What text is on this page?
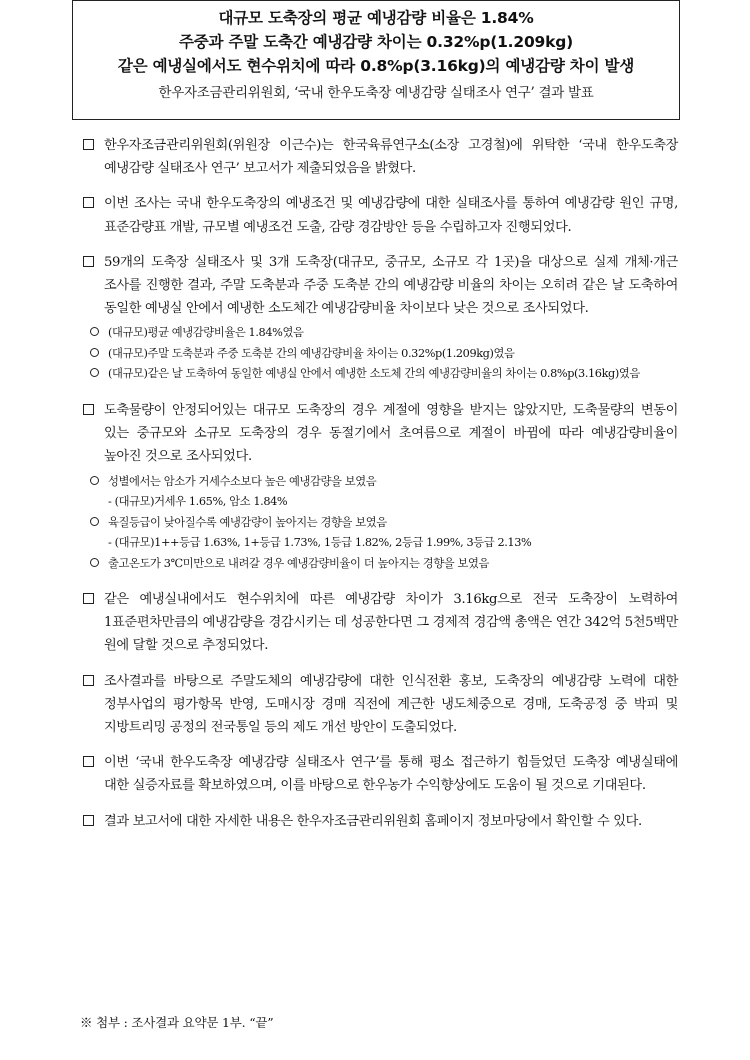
대규모 도축장의 평균 예냉감량 비율은 1.84%
주중과 주말 도축간 예냉감량 차이는 0.32%p(1.209kg)
같은 예냉실에서도 현수위치에 따라 0.8%p(3.16kg)의 예냉감량 차이 발생
한우자조금관리위원회, ‘국내 한우도축장 예냉감량 실태조사 연구’ 결과 발표
한우자조금관리위원회(위원장 이근수)는 한국육류연구소(소장 고경철)에 위탁한 ‘국내 한우도축장 예냉감량 실태조사 연구’ 보고서가 제출되었음을 밝혔다.
이번 조사는 국내 한우도축장의 예냉조건 및 예냉감량에 대한 실태조사를 통하여 예냉감량 원인 규명, 표준감량표 개발, 규모별 예냉조건 도출, 감량 경감방안 등을 수립하고자 진행되었다.
59개의 도축장 실태조사 및 3개 도축장(대규모, 중규모, 소규모 각 1곳)을 대상으로 실제 개체·개근 조사를 진행한 결과, 주말 도축분과 주중 도축분 간의 예냉감량 비율의 차이는 오히려 같은 날 도축하여 동일한 예냉실 안에서 예냉한 소도체간 예냉감량비율 차이보다 낮은 것으로 조사되었다.
(대규모)평균 예냉감량비율은 1.84%였음
(대규모)주말 도축분과 주중 도축분 간의 예냉감량비율 차이는 0.32%p(1.209kg)였음
(대규모)같은 날 도축하여 동일한 예냉실 안에서 예냉한 소도체 간의 예냉감량비율의 차이는 0.8%p(3.16kg)였음
도축물량이 안정되어있는 대규모 도축장의 경우 계절에 영향을 받지는 않았지만, 도축물량의 변동이 있는 중규모와 소규모 도축장의 경우 동절기에서 초여름으로 계절이 바뀜에 따라 예냉감량비율이 높아진 것으로 조사되었다.
성별에서는 암소가 거세수소보다 높은 예냉감량을 보였음
- (대규모)거세우 1.65%, 암소 1.84%
육질등급이 낮아질수록 예냉감량이 높아지는 경향을 보였음
- (대규모)1++등급 1.63%, 1+등급 1.73%, 1등급 1.82%, 2등급 1.99%, 3등급 2.13%
출고온도가 3℃미만으로 내려갈 경우 예냉감량비율이 더 높아지는 경향을 보였음
같은 예냉실내에서도 현수위치에 따른 예냉감량 차이가 3.16kg으로 전국 도축장이 노력하여 1표준편차만큼의 예냉감량을 경감시키는 데 성공한다면 그 경제적 경감액 총액은 연간 342억 5천5백만 원에 달할 것으로 추정되었다.
조사결과를 바탕으로 주말도체의 예냉감량에 대한 인식전환 홍보, 도축장의 예냉감량 노력에 대한 정부사업의 평가항목 반영, 도매시장 경매 직전에 계근한 냉도체중으로 경매, 도축공정 중 박피 및 지방트리밍 공정의 전국통일 등의 제도 개선 방안이 도출되었다.
이번 ‘국내 한우도축장 예냉감량 실태조사 연구’를 통해 평소 접근하기 힘들었던 도축장 예냉실태에 대한 실증자료를 확보하였으며, 이를 바탕으로 한우농가 수익향상에도 도움이 될 것으로 기대된다.
결과 보고서에 대한 자세한 내용은 한우자조금관리위원회 홈페이지 정보마당에서 확인할 수 있다.
※ 첨부 : 조사결과 요약문 1부. “끝”
